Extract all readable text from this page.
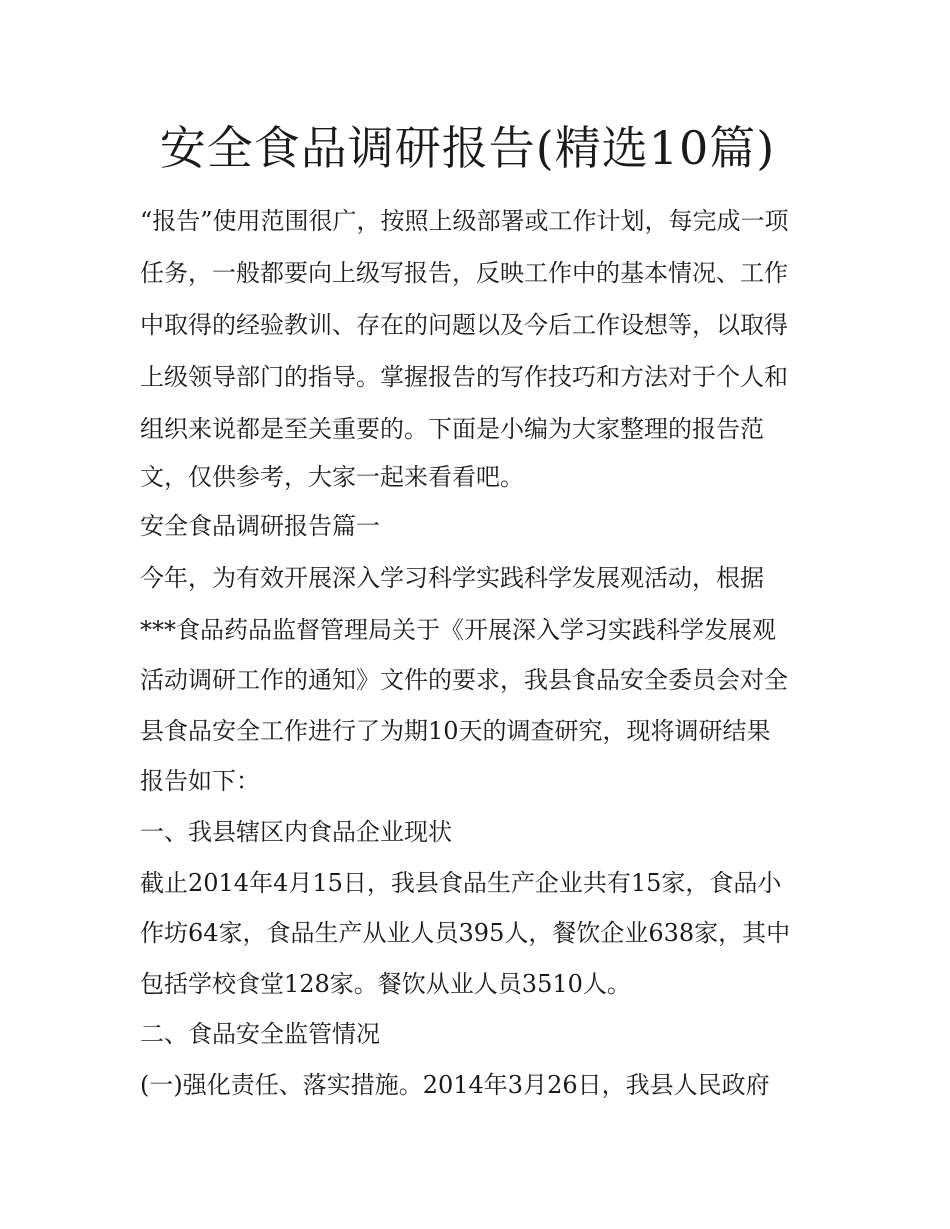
安全食品调研报告(精选10篇)

“报告”使用范围很广，按照上级部署或工作计划，每完成一项

任务，一般都要向上级写报告，反映工作中的基本情况、工作

中取得的经验教训、存在的问题以及今后工作设想等，以取得

上级领导部门的指导。掌握报告的写作技巧和方法对于个人和

组织来说都是至关重要的。下面是小编为大家整理的报告范

文，仅供参考，大家一起来看看吧。

安全食品调研报告篇一

今年，为有效开展深入学习科学实践科学发展观活动，根据

***食品药品监督管理局关于《开展深入学习实践科学发展观

活动调研工作的通知》文件的要求，我县食品安全委员会对全

县食品安全工作进行了为期10天的调查研究，现将调研结果

报告如下：

一、我县辖区内食品企业现状

截止2014年4月15日，我县食品生产企业共有15家，食品小

作坊64家，食品生产从业人员395人，餐饮企业638家，其中

包括学校食堂128家。餐饮从业人员3510人。

二、食品安全监管情况

(一)强化责任、落实措施。2014年3月26日，我县人民政府
